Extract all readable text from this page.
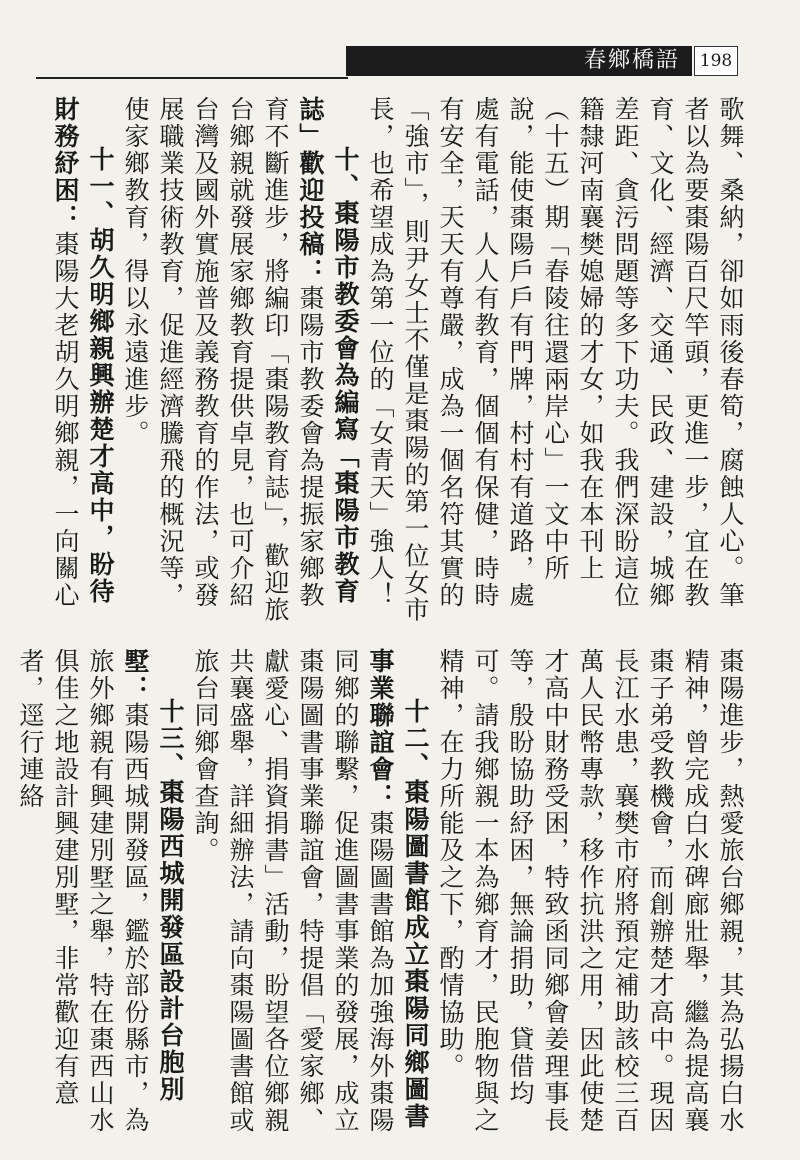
春鄉橋語	198

歌舞、桑納，卻如雨後春筍，腐蝕人心。筆者以為要棗陽百尺竿頭，更進一步，宜在教育、文化、經濟、交通、民政、建設，城鄉差距、貪污問題等多下功夫。我們深盼這位籍隸河南襄樊媳婦的才女，如我在本刊上（十五）期「春陵往還兩岸心」一文中所說，能使棗陽戶戶有門牌，村村有道路，處處有電話，人人有教育，個個有保健，時時有安全，天天有尊嚴，成為一個名符其實的「強市」，則尹女士不僅是棗陽的第一位女市長，也希望成為第一位的「女青天」強人！

十、棗陽市教委會為編寫「棗陽市教育誌」歡迎投稿：棗陽市教委會為提振家鄉教育不斷進步，將編印「棗陽教育誌」，歡迎旅台鄉親就發展家鄉教育提供卓見，也可介紹台灣及國外實施普及義務教育的作法，或發展職業技術教育，促進經濟騰飛的概況等，使家鄉教育，得以永遠進步。

十一、胡久明鄉親興辦楚才高中，盼待財務紓困：棗陽大老胡久明鄉親，一向關心

棗陽進步，熱愛旅台鄉親，其為弘揚白水精神，曾完成白水碑廊壯舉，繼為提高襄棗子弟受教機會，而創辦楚才高中。現因長江水患，襄樊市府將預定補助該校三百萬人民幣專款，移作抗洪之用，因此使楚才高中財務受困，特致函同鄉會姜理事長等，殷盼協助紓困，無論捐助，貸借均可。請我鄉親一本為鄉育才，民胞物與之精神，在力所能及之下，酌情協助。

十二、棗陽圖書館成立棗陽同鄉圖書事業聯誼會：棗陽圖書館為加強海外棗陽同鄉的聯繫，促進圖書事業的發展，成立棗陽圖書事業聯誼會，特提倡「愛家鄉、獻愛心、捐資捐書」活動，盼望各位鄉親共襄盛舉，詳細辦法，請向棗陽圖書館或旅台同鄉會查詢。

十三、棗陽西城開發區設計台胞別墅：棗陽西城開發區，鑑於部份縣市，為旅外鄉親有興建別墅之舉，特在棗西山水俱佳之地設計興建別墅，非常歡迎有意者，逕行連絡
